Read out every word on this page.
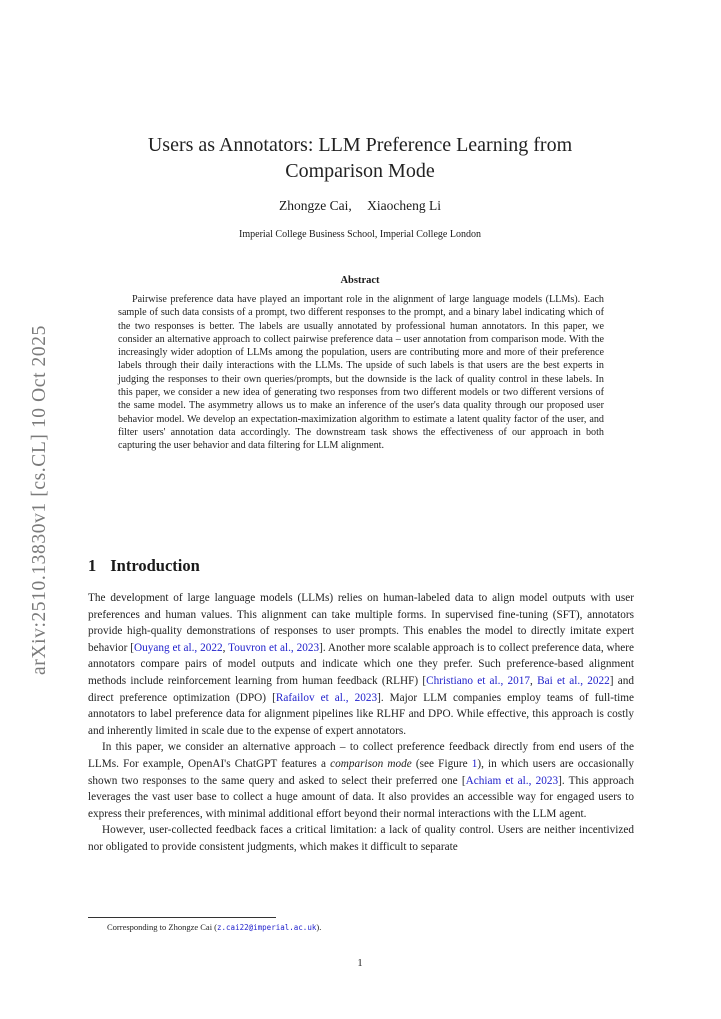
arXiv:2510.13830v1 [cs.CL] 10 Oct 2025
Users as Annotators: LLM Preference Learning from
Comparison Mode
Zhongze Cai, Xiaocheng Li
Imperial College Business School, Imperial College London
Abstract

Pairwise preference data have played an important role in the alignment of large language models (LLMs). Each sample of such data consists of a prompt, two different responses to the prompt, and a binary label indicating which of the two responses is better. The labels are usually annotated by professional human annotators. In this paper, we consider an alternative approach to collect pairwise preference data – user annotation from comparison mode. With the increasingly wider adoption of LLMs among the population, users are contributing more and more of their preference labels through their daily interactions with the LLMs. The upside of such labels is that users are the best experts in judging the responses to their own queries/prompts, but the downside is the lack of quality control in these labels. In this paper, we consider a new idea of generating two responses from two different models or two different versions of the same model. The asymmetry allows us to make an inference of the user's data quality through our proposed user behavior model. We develop an expectation-maximization algorithm to estimate a latent quality factor of the user, and filter users' annotation data accordingly. The downstream task shows the effectiveness of our approach in both capturing the user behavior and data filtering for LLM alignment.

1 Introduction

The development of large language models (LLMs) relies on human-labeled data to align model outputs with user preferences and human values. This alignment can take multiple forms. In supervised fine-tuning (SFT), annotators provide high-quality demonstrations of responses to user prompts. This enables the model to directly imitate expert behavior [Ouyang et al., 2022, Touvron et al., 2023]. Another more scalable approach is to collect preference data, where annotators compare pairs of model outputs and indicate which one they prefer. Such preference-based alignment methods include reinforcement learning from human feedback (RLHF) [Christiano et al., 2017, Bai et al., 2022] and direct preference optimization (DPO) [Rafailov et al., 2023]. Major LLM companies employ teams of full-time annotators to label preference data for alignment pipelines like RLHF and DPO. While effective, this approach is costly and inherently limited in scale due to the expense of expert annotators.

In this paper, we consider an alternative approach – to collect preference feedback directly from end users of the LLMs. For example, OpenAI's ChatGPT features a comparison mode (see Figure 1), in which users are occasionally shown two responses to the same query and asked to select their preferred one [Achiam et al., 2023]. This approach leverages the vast user base to collect a huge amount of data. It also provides an accessible way for engaged users to express their preferences, with minimal additional effort beyond their normal interactions with the LLM agent.

However, user-collected feedback faces a critical limitation: a lack of quality control. Users are neither incentivized nor obligated to provide consistent judgments, which makes it difficult to separate

Corresponding to Zhongze Cai (z.cai22@imperial.ac.uk).
1
